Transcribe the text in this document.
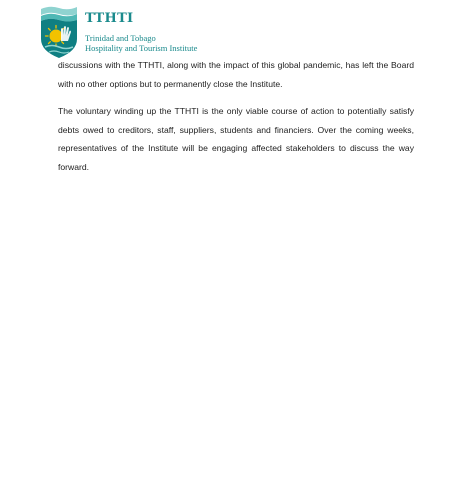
TTHTI
Trinidad and Tobago
Hospitality and Tourism Institute

discussions with the TTHTI, along with the impact of this global pandemic, has left the Board with no other options but to permanently close the Institute.

The voluntary winding up the TTHTI is the only viable course of action to potentially satisfy debts owed to creditors, staff, suppliers, students and financiers. Over the coming weeks, representatives of the Institute will be engaging affected stakeholders to discuss the way forward.
